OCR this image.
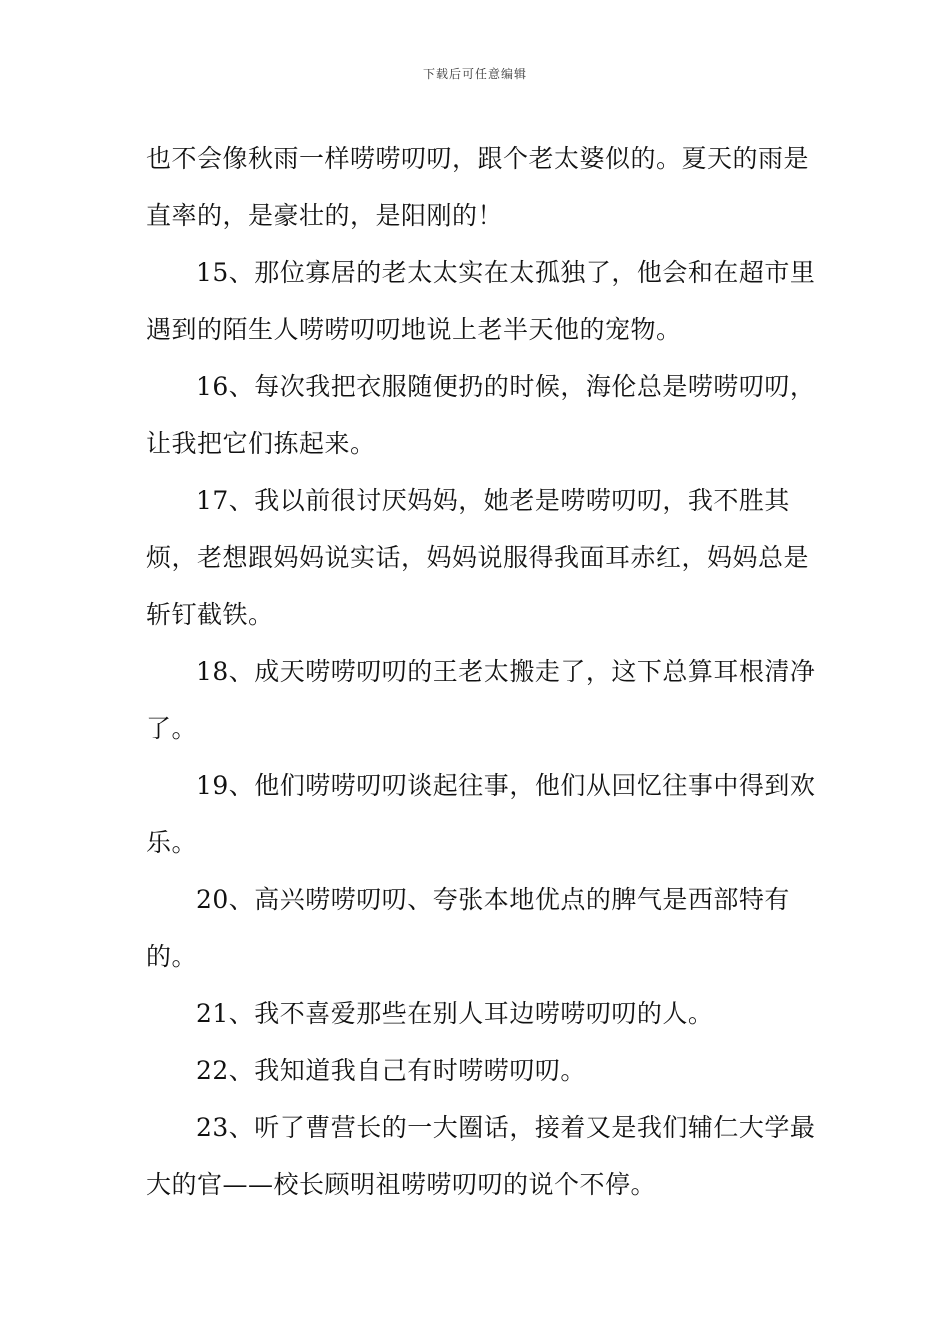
下载后可任意编辑

也不会像秋雨一样唠唠叨叨，跟个老太婆似的。夏天的雨是直率的，是豪壮的，是阳刚的！

15、那位寡居的老太太实在太孤独了，他会和在超市里遇到的陌生人唠唠叨叨地说上老半天他的宠物。

16、每次我把衣服随便扔的时候，海伦总是唠唠叨叨，让我把它们拣起来。

17、我以前很讨厌妈妈，她老是唠唠叨叨，我不胜其烦，老想跟妈妈说实话，妈妈说服得我面耳赤红，妈妈总是斩钉截铁。

18、成天唠唠叨叨的王老太搬走了，这下总算耳根清净了。

19、他们唠唠叨叨谈起往事，他们从回忆往事中得到欢乐。

20、高兴唠唠叨叨、夸张本地优点的脾气是西部特有的。

21、我不喜爱那些在别人耳边唠唠叨叨的人。

22、我知道我自己有时唠唠叨叨。

23、听了曹营长的一大圈话，接着又是我们辅仁大学最大的官——校长顾明祖唠唠叨叨的说个不停。
